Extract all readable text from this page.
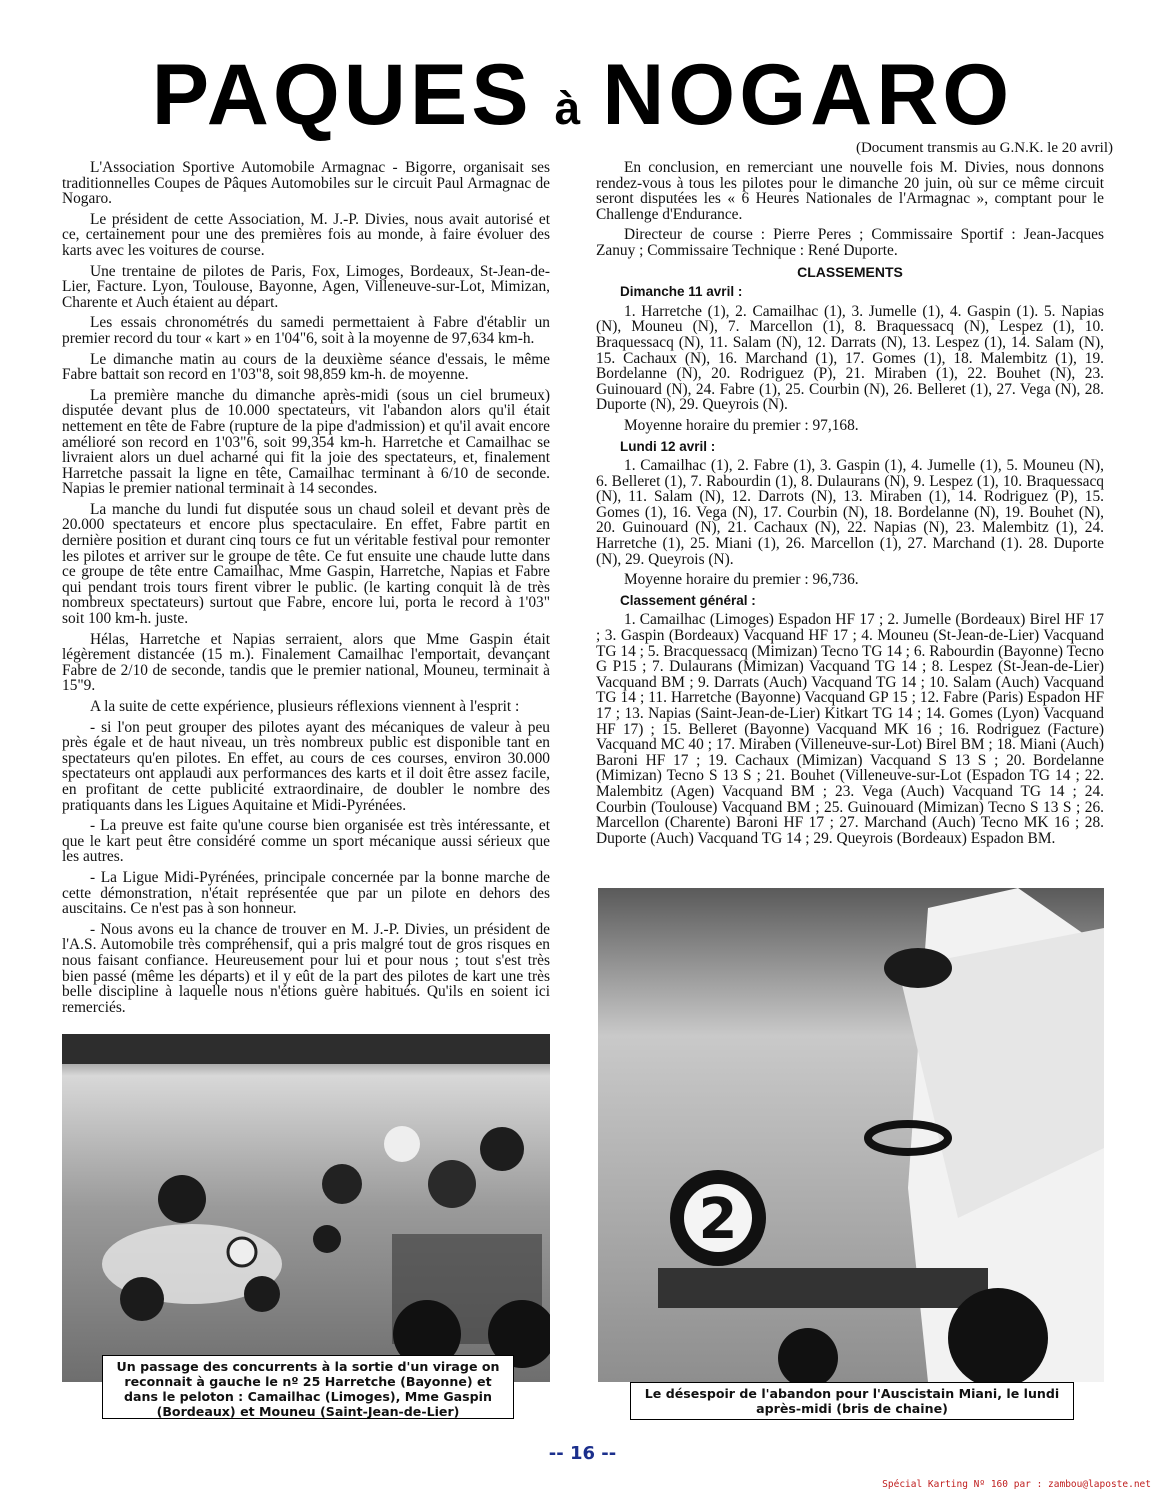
PAQUES à NOGARO
(Document transmis au G.N.K. le 20 avril)

L'Association Sportive Automobile Armagnac - Bigorre, organisait ses traditionnelles Coupes de Pâques Automobiles sur le circuit Paul Armagnac de Nogaro.

Le président de cette Association, M. J.-P. Divies, nous avait autorisé et ce, certainement pour une des premières fois au monde, à faire évoluer des karts avec les voitures de course.

Une trentaine de pilotes de Paris, Fox, Limoges, Bordeaux, St-Jean-de-Lier, Facture. Lyon, Toulouse, Bayonne, Agen, Villeneuve-sur-Lot, Mimizan, Charente et Auch étaient au départ.

Les essais chronométrés du samedi permettaient à Fabre d'établir un premier record du tour « kart » en 1'04"6, soit à la moyenne de 97,634 km-h.

Le dimanche matin au cours de la deuxième séance d'essais, le même Fabre battait son record en 1'03"8, soit 98,859 km-h. de moyenne.

La première manche du dimanche après-midi (sous un ciel brumeux) disputée devant plus de 10.000 spectateurs, vit l'abandon alors qu'il était nettement en tête de Fabre (rupture de la pipe d'admission) et qu'il avait encore amélioré son record en 1'03"6, soit 99,354 km-h. Harretche et Camailhac se livraient alors un duel acharné qui fit la joie des spectateurs, et, finalement Harretche passait la ligne en tête, Camailhac terminant à 6/10 de seconde. Napias le premier national terminait à 14 secondes.

La manche du lundi fut disputée sous un chaud soleil et devant près de 20.000 spectateurs et encore plus spectaculaire. En effet, Fabre partit en dernière position et durant cinq tours ce fut un véritable festival pour remonter les pilotes et arriver sur le groupe de tête. Ce fut ensuite une chaude lutte dans ce groupe de tête entre Camailhac, Mme Gaspin, Harretche, Napias et Fabre qui pendant trois tours firent vibrer le public. (le karting conquit là de très nombreux spectateurs) surtout que Fabre, encore lui, porta le record à 1'03" soit 100 km-h. juste.

Hélas, Harretche et Napias serraient, alors que Mme Gaspin était légèrement distancée (15 m.). Finalement Camailhac l'emportait, devançant Fabre de 2/10 de seconde, tandis que le premier national, Mouneu, terminait à 15"9.

A la suite de cette expérience, plusieurs réflexions viennent à l'esprit :

- si l'on peut grouper des pilotes ayant des mécaniques de valeur à peu près égale et de haut niveau, un très nombreux public est disponible tant en spectateurs qu'en pilotes. En effet, au cours de ces courses, environ 30.000 spectateurs ont applaudi aux performances des karts et il doit être assez facile, en profitant de cette publicité extraordinaire, de doubler le nombre des pratiquants dans les Ligues Aquitaine et Midi-Pyrénées.

- La preuve est faite qu'une course bien organisée est très intéressante, et que le kart peut être considéré comme un sport mécanique aussi sérieux que les autres.

- La Ligue Midi-Pyrénées, principale concernée par la bonne marche de cette démonstration, n'était représentée que par un pilote en dehors des auscitains. Ce n'est pas à son honneur.

- Nous avons eu la chance de trouver en M. J.-P. Divies, un président de l'A.S. Automobile très compréhensif, qui a pris malgré tout de gros risques en nous faisant confiance. Heureusement pour lui et pour nous ; tout s'est très bien passé (même les départs) et il y eût de la part des pilotes de kart une très belle discipline à laquelle nous n'étions guère habitués. Qu'ils en soient ici remerciés.

En conclusion, en remerciant une nouvelle fois M. Divies, nous donnons rendez-vous à tous les pilotes pour le dimanche 20 juin, où sur ce même circuit seront disputées les « 6 Heures Nationales de l'Armagnac », comptant pour le Challenge d'Endurance.

Directeur de course : Pierre Peres ; Commissaire Sportif : Jean-Jacques Zanuy ; Commissaire Technique : René Duporte.

CLASSEMENTS
Dimanche 11 avril :

1. Harretche (1), 2. Camailhac (1), 3. Jumelle (1), 4. Gaspin (1). 5. Napias (N), Mouneu (N), 7. Marcellon (1), 8. Braquessacq (N), Lespez (1), 10. Braquessacq (N), 11. Salam (N), 12. Darrats (N), 13. Lespez (1), 14. Salam (N), 15. Cachaux (N), 16. Marchand (1), 17. Gomes (1), 18. Malembitz (1), 19. Bordelanne (N), 20. Rodriguez (P), 21. Miraben (1), 22. Bouhet (N), 23. Guinouard (N), 24. Fabre (1), 25. Courbin (N), 26. Belleret (1), 27. Vega (N), 28. Duporte (N), 29. Queyrois (N).

Moyenne horaire du premier : 97,168.

Lundi 12 avril :

1. Camailhac (1), 2. Fabre (1), 3. Gaspin (1), 4. Jumelle (1), 5. Mouneu (N), 6. Belleret (1), 7. Rabourdin (1), 8. Dulaurans (N), 9. Lespez (1), 10. Braquessacq (N), 11. Salam (N), 12. Darrots (N), 13. Miraben (1), 14. Rodriguez (P), 15. Gomes (1), 16. Vega (N), 17. Courbin (N), 18. Bordelanne (N), 19. Bouhet (N), 20. Guinouard (N), 21. Cachaux (N), 22. Napias (N), 23. Malembitz (1), 24. Harretche (1), 25. Miani (1), 26. Marcellon (1), 27. Marchand (1). 28. Duporte (N), 29. Queyrois (N).

Moyenne horaire du premier : 96,736.

Classement général :

1. Camailhac (Limoges) Espadon HF 17 ; 2. Jumelle (Bordeaux) Birel HF 17 ; 3. Gaspin (Bordeaux) Vacquand HF 17 ; 4. Mouneu (St-Jean-de-Lier) Vacquand TG 14 ; 5. Bracquessacq (Mimizan) Tecno TG 14 ; 6. Rabourdin (Bayonne) Tecno G P15 ; 7. Dulaurans (Mimizan) Vacquand TG 14 ; 8. Lespez (St-Jean-de-Lier) Vacquand BM ; 9. Darrats (Auch) Vacquand TG 14 ; 10. Salam (Auch) Vacquand TG 14 ; 11. Harretche (Bayonne) Vacquand GP 15 ; 12. Fabre (Paris) Espadon HF 17 ; 13. Napias (Saint-Jean-de-Lier) Kitkart TG 14 ; 14. Gomes (Lyon) Vacquand HF 17) ; 15. Belleret (Bayonne) Vacquand MK 16 ; 16. Rodriguez (Facture) Vacquand MC 40 ; 17. Miraben (Villeneuve-sur-Lot) Birel BM ; 18. Miani (Auch) Baroni HF 17 ; 19. Cachaux (Mimizan) Vacquand S 13 S ; 20. Bordelanne (Mimizan) Tecno S 13 S ; 21. Bouhet (Villeneuve-sur-Lot (Espadon TG 14 ; 22. Malembitz (Agen) Vacquand BM ; 23. Vega (Auch) Vacquand TG 14 ; 24. Courbin (Toulouse) Vacquand BM ; 25. Guinouard (Mimizan) Tecno S 13 S ; 26. Marcellon (Charente) Baroni HF 17 ; 27. Marchand (Auch) Tecno MK 16 ; 28. Duporte (Auch) Vacquand TG 14 ; 29. Queyrois (Bordeaux) Espadon BM.

Un passage des concurrents à la sortie d'un virage on reconnait à gauche le nº 25 Harretche (Bayonne) et dans le peloton : Camailhac (Limoges), Mme Gaspin (Bordeaux) et Mouneu (Saint-Jean-de-Lier)
2
Le désespoir de l'abandon pour l'Auscistain Miani, le lundi après-midi (bris de chaine)
-- 16 --
Spécial Karting Nº 160 par : zambou@laposte.net
